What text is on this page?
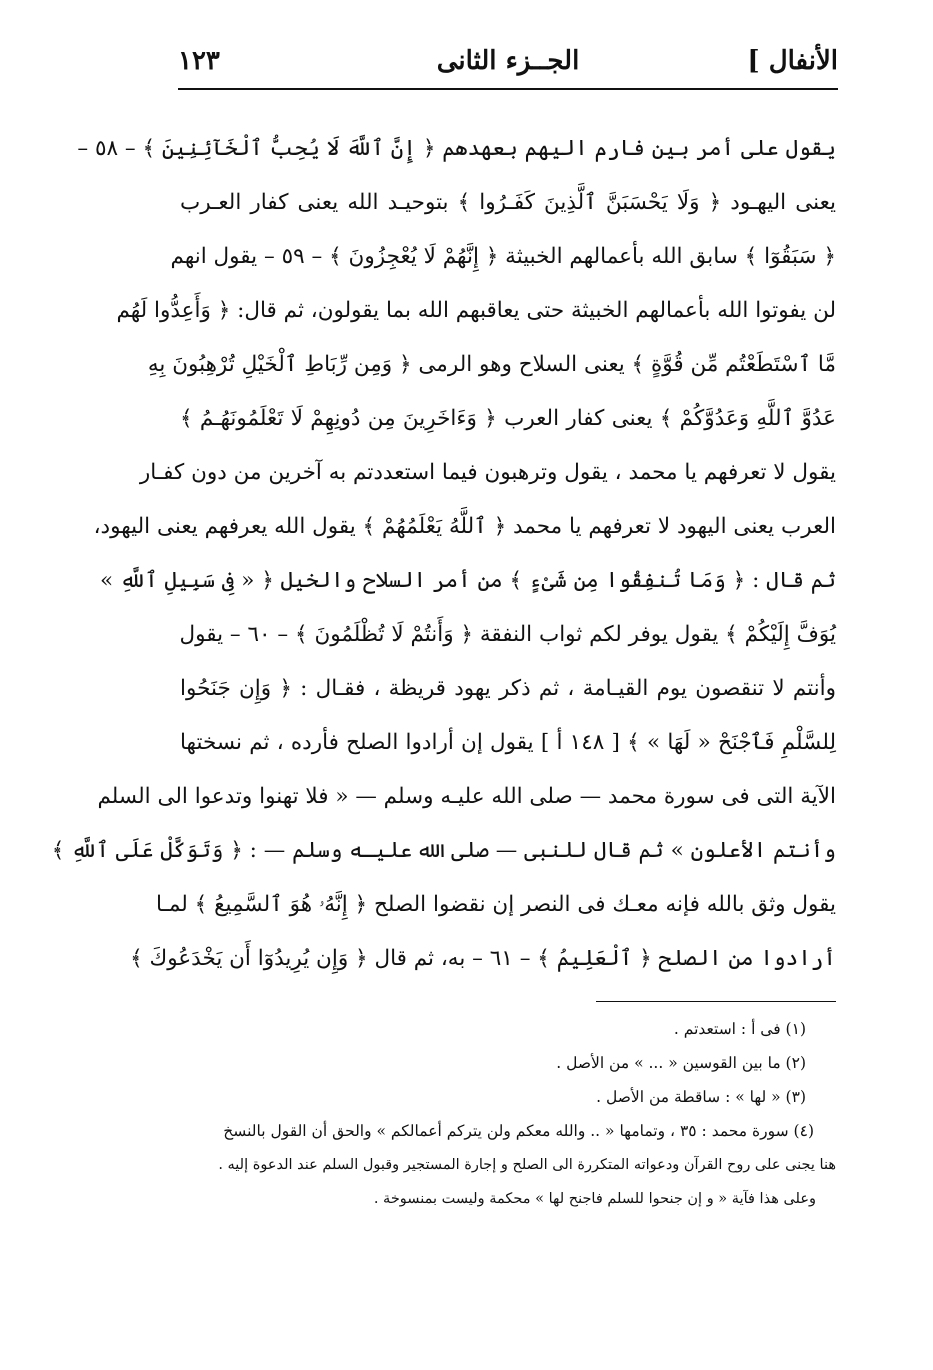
الأنفال ]
الجــزء الثانى
١٢٣
يقول على أمر بين فارم اليهم بعهدهم ﴿ إِنَّ ٱللَّهَ لَا يُحِبُّ ٱلْخَآئِنِينَ ﴾ – ٥٨ –
يعنى اليهـود ﴿ وَلَا يَحْسَبَنَّ ٱلَّذِينَ كَفَـرُوا ﴾ بتوحيـد الله يعنى كفار العـرب
﴿ سَبَقُوٓا ﴾ سابق الله بأعمالهم الخبيثة ﴿ إِنَّهُمْ لَا يُعْجِزُونَ ﴾ – ٥٩ – يقول انهم
لن يفوتوا الله بأعمالهم الخبيثة حتى يعاقبهم الله بما يقولون، ثم قال: ﴿ وَأَعِدُّوا لَهُم
مَّا ٱسْتَطَعْتُم مِّن قُوَّةٍ ﴾ يعنى السلاح وهو الرمى ﴿ وَمِن رِّبَاطِ ٱلْخَيْلِ تُرْهِبُونَ بِهِ
عَدُوَّ ٱللَّهِ وَعَدُوَّكُمْ ﴾ يعنى كفار العرب ﴿ وَءَاخَرِينَ مِن دُونِهِمْ لَا تَعْلَمُونَهُـمُ ﴾
يقول لا تعرفهم يا محمد ، يقول وترهبون فيما استعددتم به آخرين من دون كفـار
العرب يعنى اليهود لا تعرفهم يا محمد ﴿ ٱللَّهُ يَعْلَمُهُمْ ﴾ يقول الله يعرفهم يعنى اليهود،
ثم قال : ﴿ وَمَا تُنفِقُوا مِن شَىْءٍ ﴾ من أمر السلاح والخيل ﴿ « فِى سَبِيلِ ٱللَّهِ »
يُوَفَّ إِلَيْكُمْ ﴾ يقول يوفر لكم ثواب النفقة ﴿ وَأَنتُمْ لَا تُظْلَمُونَ ﴾ – ٦٠ – يقول
وأنتم لا تنقصون يوم القيـامة ، ثم ذكر يهود قريظة ، فقـال : ﴿ وَإِن جَنَحُوا
لِلسَّلْمِ فَٱجْنَحْ « لَهَا » ﴾ [ ١٤٨ أ ] يقول إن أرادوا الصلح فأرده ، ثم نسختها
الآية التى فى سورة محمد — صلى الله عليـه وسلم — « فلا تهنوا وتدعوا الى السلم
وأنتم الأعلون » ثم قال للنبى — صلى الله عليـه وسلم — : ﴿ وَتَوَكَّلْ عَلَى ٱللَّهِ ﴾
يقول وثق بالله فإنه معـك فى النصر إن نقضوا الصلح ﴿ إِنَّهُۥ هُوَ ٱلسَّمِيعُ ﴾ لمـا
أرادوا من الصلح ﴿ ٱلْعَلِيمُ ﴾ – ٦١ – به، ثم قال ﴿ وَإِن يُرِيدُوٓا أَن يَخْدَعُوكَ ﴾
(١) فى أ : استعدتم .
(٢) ما بين القوسين « ... » من الأصل .
(٣) « لها » : ساقطة من الأصل .
(٤) سورة محمد : ٣٥ ، وتمامها « .. والله معكم ولن يتركم أعمالكم » والحق أن القول بالنسخ
هنا يجنى على روح القرآن ودعواته المتكررة الى الصلح و إجارة المستجير وقبول السلم عند الدعوة إليه .
وعلى هذا فآية « و إن جنحوا للسلم فاجنح لها » محكمة وليست بمنسوخة .
